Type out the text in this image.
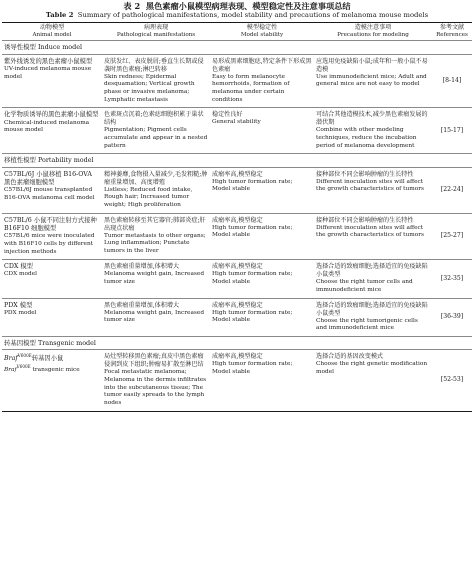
表 2 黑色素瘤小鼠模型病理表现、模型稳定性及注意事项总结
Table 2 Summary of pathological manifestations, model stability and precautions of melanoma mouse models
动物模型
Animal model	病理表现
Pathological manifestations	模型稳定性
Model stability	造模注意事项
Precautions for modeling	参考文献
References

诱导性模型 Induce model				

紫外线诱发的黑色素瘤小鼠模型
UV-induced melanoma mouse model	皮肤发红、表皮脱屑;垂直生长期或侵袭时黑色素瘤;淋巴转移
Skin redness; Epidermal desquamation; Vertical growth phase or invasive melanoma; Lymphatic metastasis	易形成黑素细胞痣,特定条件下形成黑色素瘤
Easy to form melanocyte hemorrhoids, formation of melanoma under certain conditions	应选用免疫缺陷小鼠;成年和一般小鼠不易造模
Use immunodeficient mice; Adult and general mice are not easy to model	[8-14]

化学物质诱导的黑色素瘤小鼠模型
Chemical-induced melanoma mouse model	色素斑点沉着;色素痣细胞积累于巢状结构
Pigmentation; Pigment cells accumulate and appear in a nested pattern	稳定性良好
General stability	可结合其他造模技术,减少黑色素瘤发展的潜伏期
Combine with other modeling techniques, reduce the incubation period of melanoma development	[15-17]
移植性模型 Portability model				

C57BL/6J 小鼠移植 B16-OVA 黑色素瘤细胞模型
C57BL/6J mouse transplanted B16-OVA melanoma cell model	精神萎靡,食物摄入量减少,毛发粗糙;肿瘤重量增加、高度增殖
Listless; Reduced food intake, Rough hair; Increased tumor weight; High proliferation	成瘤率高,模型稳定
High tumor formation rate; Model stable	接种部位不同会影响肿瘤的生长特性
Different inoculation sites will affect the growth characteristics of tumors	[22-24]

C57BL/6 小鼠不同注射方式接种 B16F10 细胞模型
C57BL/6 mice were inoculated with B16F10 cells by different injection methods	黑色素瘤转移至其它器官;肺部炎症;肝出现点状瘤
Tumor metastasis to other organs; Lung inflammation; Punctate tumors in the liver	成瘤率高,模型稳定
High tumor formation rate; Model stable	接种部位不同会影响肿瘤的生长特性
Different inoculation sites will affect the growth characteristics of tumors	[25-27]

CDX 模型
CDX model	黑色素瘤重量增加,体积增大
Melanoma weight gain, Increased tumor size	成瘤率高,模型稳定
High tumor formation rate; Model stable	选择合适的致瘤细胞;选择适宜的免疫缺陷小鼠类型
Choose the right tumor cells and immunodeficient mice	[32-35]

PDX 模型
PDX model	黑色素瘤重量增加,体积增大
Melanoma weight gain, Increased tumor size	成瘤率高,模型稳定
High tumor formation rate; Model stable	选择合适的致瘤细胞;选择适宜的免疫缺陷小鼠类型
Choose the right tumorigenic cells and immunodeficient mice	[36-39]
转基因模型 Transgenic model				

Braf$^{V600E}$转基因小鼠
Braf$^{V600E}$ transgenic mice	局灶型转移黑色素瘤;真皮中黑色素瘤侵润到皮下组织;肿瘤易扩散至淋巴结
Focal metastatic melanoma; Melanoma in the dermis infiltrates into the subcutaneous tissue; The tumor easily spreads to the lymph nodes	成瘤率高,模型稳定
High tumor formation rate; Model stable	选择合适的基因改变模式
Choose the right genetic modification model	[52-53]
